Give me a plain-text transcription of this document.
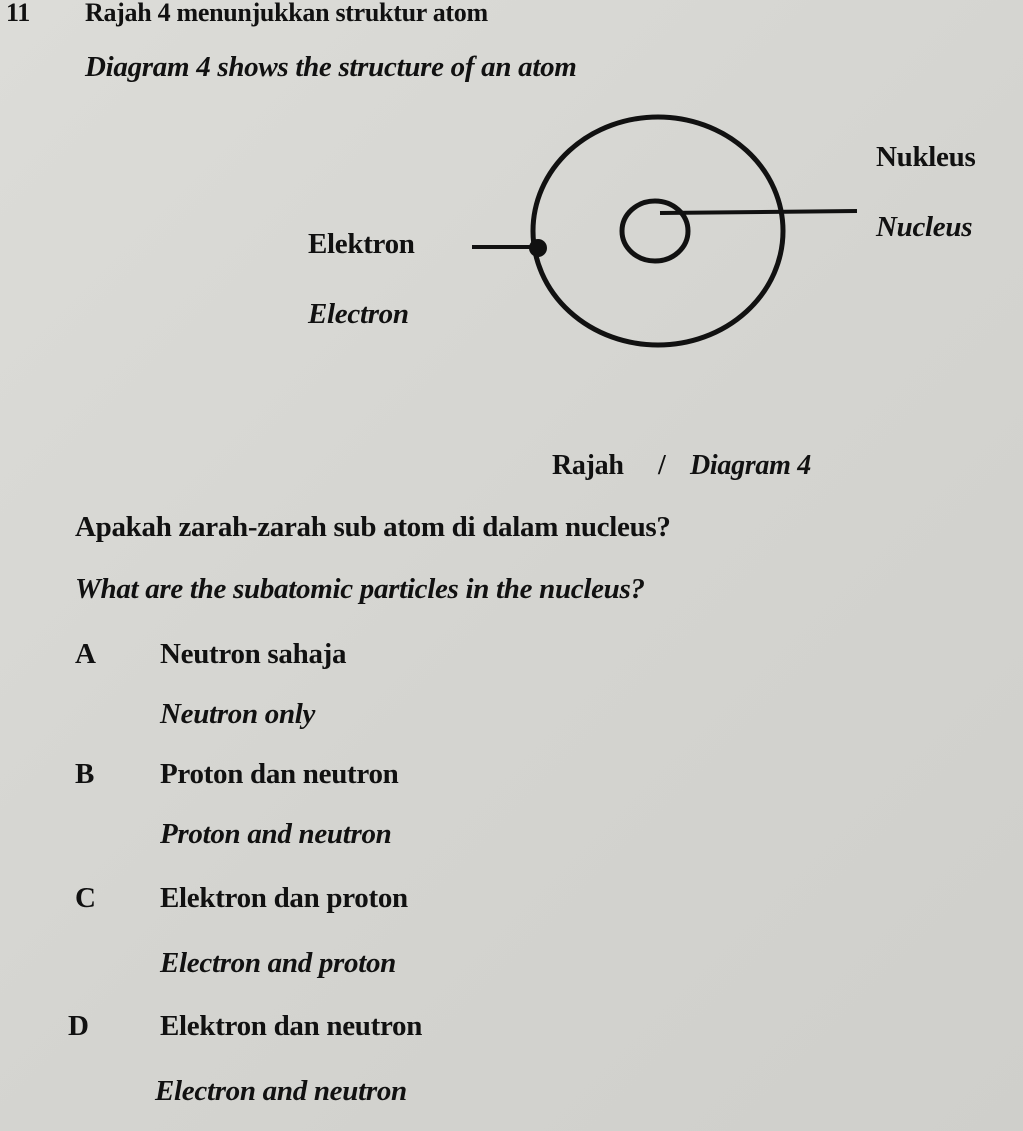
11 Rajah 4 menunjukkan struktur atom
Diagram 4 shows the structure of an atom
Nukleus
Nucleus
Elektron
Electron
Rajah / Diagram 4
Apakah zarah-zarah sub atom di dalam nucleus?
What are the subatomic particles in the nucleus?
A Neutron sahaja
Neutron only
B Proton dan neutron
Proton and neutron
C Elektron dan proton
Electron and proton
D Elektron dan neutron
Electron and neutron
